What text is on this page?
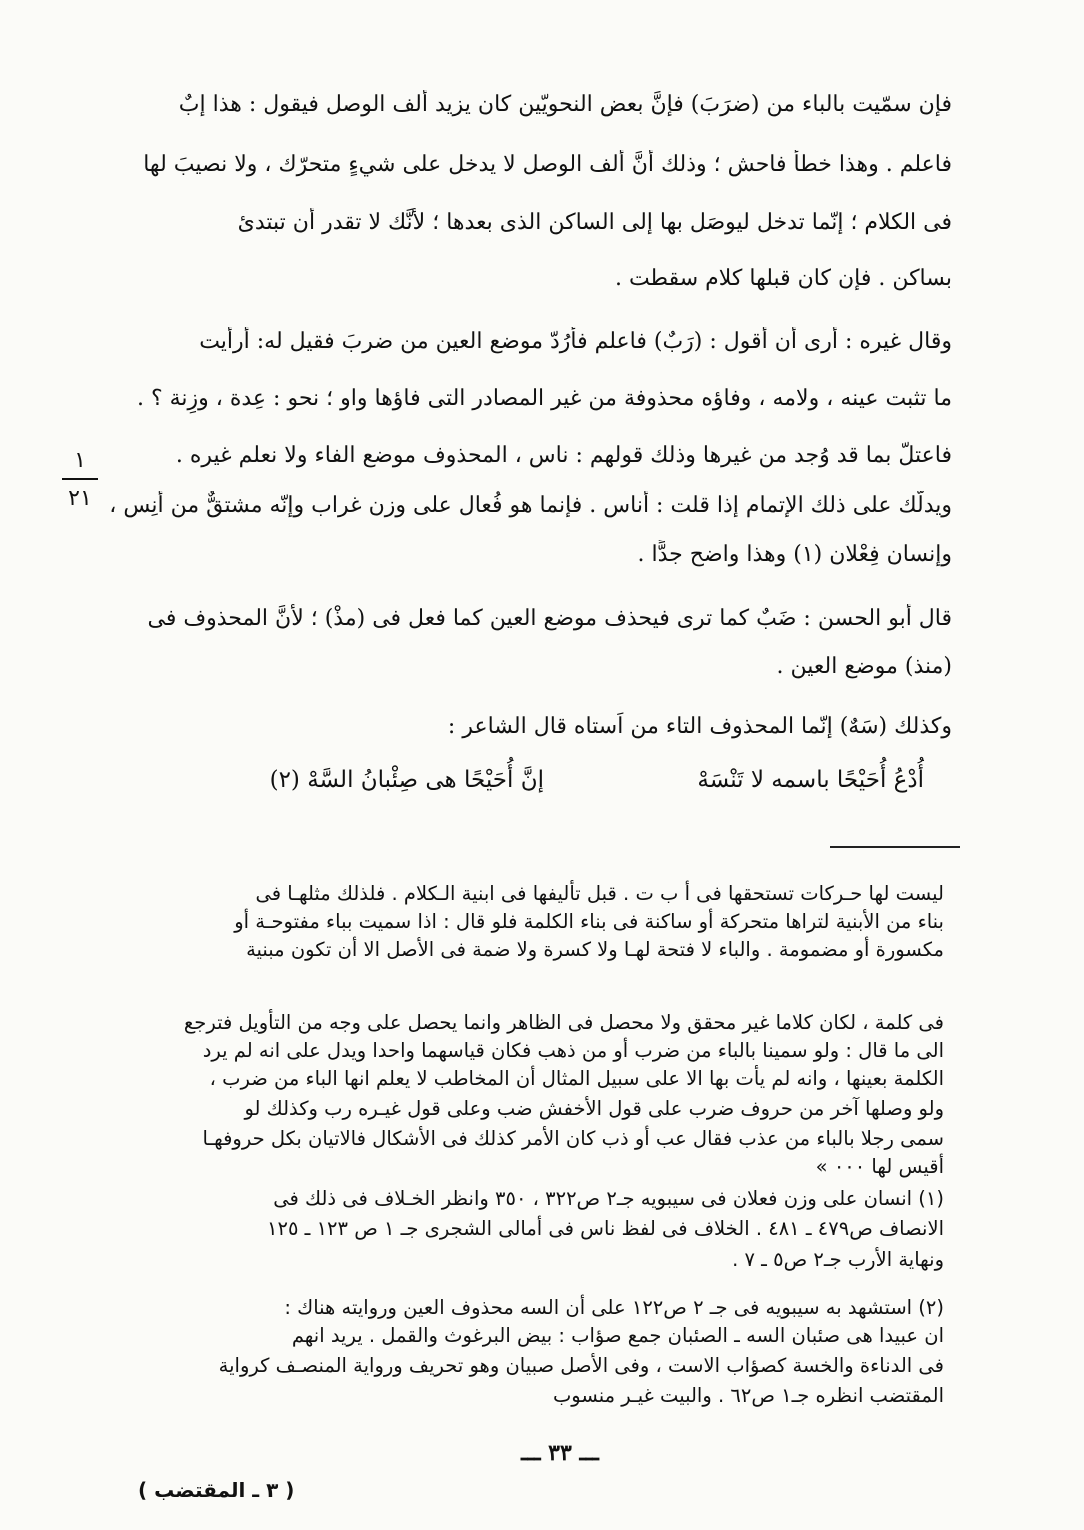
فإن سمّيت بالباء من (ضرَبَ) فإنَّ بعض النحويّين كان يزيد ألف الوصل فيقول : هذا إبٌ
فاعلم . وهذا خطأٌ فاحش ؛ وذلك أنَّ ألف الوصل لا يدخل على شيءٍ متحرّك ، ولا نصيبَ لها
فى الكلام ؛ إنّما تدخل ليوصَل بها إلى الساكن الذى بعدها ؛ لأنَّك لا تقدر أن تبتدئ
بساكن . فإن كان قبلها كلام سقطت .
وقال غيره : أرى أن أقول : (رَبٌ) فاعلم فأرُدّ موضع العين من ضربَ فقيل له: أرأيت
ما تثبت عينه ، ولامه ، وفاؤه محذوفة من غير المصادر التى فاؤها واو ؛ نحو : عِدة ، وزِنة ؟ .
فاعتلّ بما قد وُجد من غيرها وذلك قولهم : ناس ، المحذوف موضع الفاء ولا نعلم غيره .
ويدلُّك على ذلك الإتمام إذا قلت : أُناس . فإنما هو فُعال على وزن غراب وإنّه مشتقٌّ من أَنِس ،
وإنسان فِعْلان (١) وهذا واضح جدًّا .
قال أبو الحسن : ضَبٌ كما ترى فيحذف موضع العين كما فعل فى (مذْ) ؛ لأنَّ المحذوف فى
(منذ) موضع العين .
وكذلك (سَهٌ) إنّما المحذوف التاء من اَستاه قال الشاعر :
أُدْعُ أُحَيْحًا باسمه لا تَنْسَهْ
إنَّ أُحَيْحًا هى صِئْبانُ السَّهْ (٢)
١
٢١
ليست لها حـركات تستحقها فى أ ب ت . قبل تأليفها فى ابنية الـكلام . فلذلك مثلهـا فى
بناء من الأبنية لتراها متحركة أو ساكنة فى بناء الكلمة فلو قال : اذا سميت بباء مفتوحـة أو
مكسورة أو مضمومة . والباء لا فتحة لهـا ولا كسرة ولا ضمة فى الأصل الا أن تكون مبنية
فى كلمة ، لكان كلاما غير محقق ولا محصل فى الظاهر وانما يحصل على وجه من التأويل فترجع
الى ما قال : ولو سمينا بالباء من ضرب أو من ذهب فكان قياسهما واحدا ويدل على انه لم يرد
الكلمة بعينها ، وانه لم يأت بها الا على سبيل المثال أن المخاطب لا يعلم انها الباء من ضرب ،
ولو وصلها آخر من حروف ضرب على قول الأخفش ضب وعلى قول غيـره رب وكذلك لو
سمى رجلا بالباء من عذب فقال عب أو ذب كان الأمر كذلك فى الأشكال فالاتيان بكل حروفهـا
أقيس لها ٠٠٠ »
(١) انسان على وزن فعلان فى سيبويه جـ٢ ص٣٢٢ ، ٣٥٠ وانظر الخـلاف فى ذلك فى
الانصاف ص٤٧٩ ـ ٤٨١ . الخلاف فى لفظ ناس فى أمالى الشجرى جـ ١ ص ١٢٣ ـ ١٢٥
ونهاية الأرب جـ٢ ص٥ ـ ٧ .
(٢) استشهد به سيبويه فى جـ ٢ ص١٢٢ على أن السه محذوف العين وروايته هناك :
ان عبيدا هى صئبان السه ـ الصئبان جمع صؤاب : بيض البرغوث والقمل . يريد انهم
فى الدناءة والخسة كصؤاب الاست ، وفى الأصل صبيان وهو تحريف ورواية المنصـف كرواية
المقتضب انظره جـ١ ص٦٢ . والبيت غيـر منسوب
ـــ ٣٣ ـــ
( ٣ ـ المقتضب )
